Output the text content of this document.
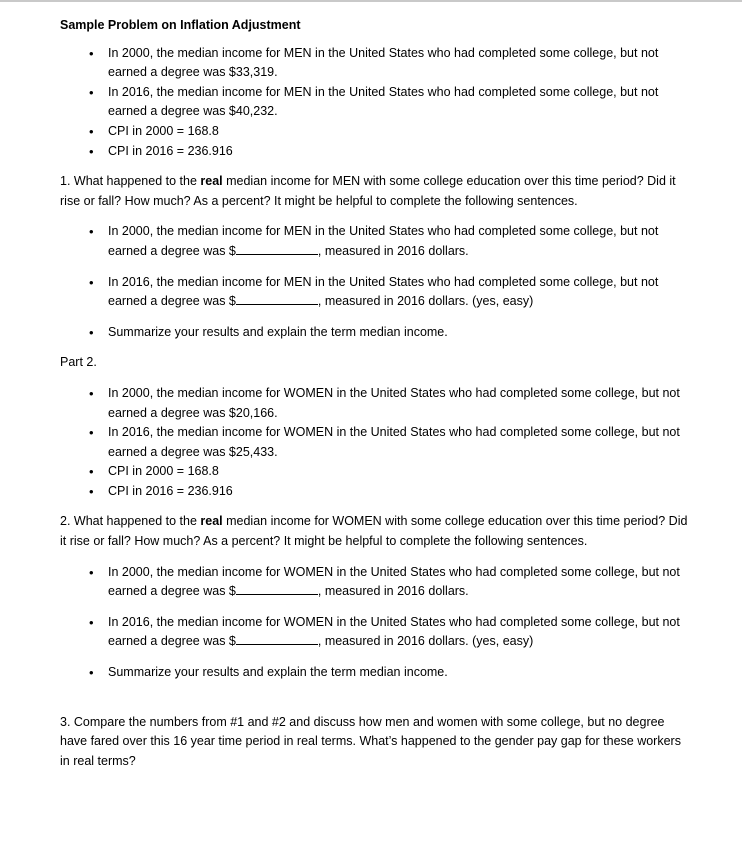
Sample Problem on Inflation Adjustment
• In 2000, the median income for MEN in the United States who had completed some college, but not earned a degree was $33,319.
• In 2016, the median income for MEN in the United States who had completed some college, but not earned a degree was $40,232.
• CPI in 2000 = 168.8
• CPI in 2016 = 236.916

1. What happened to the real median income for MEN with some college education over this time period? Did it rise or fall? How much? As a percent? It might be helpful to complete the following sentences.

• In 2000, the median income for MEN in the United States who had completed some college, but not earned a degree was $	, measured in 2016 dollars.
• In 2016, the median income for MEN in the United States who had completed some college, but not earned a degree was $	, measured in 2016 dollars. (yes, easy)
• Summarize your results and explain the term median income.

Part 2.

• In 2000, the median income for WOMEN in the United States who had completed some college, but not earned a degree was $20,166.
• In 2016, the median income for WOMEN in the United States who had completed some college, but not earned a degree was $25,433.
• CPI in 2000 = 168.8
• CPI in 2016 = 236.916

2. What happened to the real median income for WOMEN with some college education over this time period? Did it rise or fall? How much? As a percent? It might be helpful to complete the following sentences.

• In 2000, the median income for WOMEN in the United States who had completed some college, but not earned a degree was $	, measured in 2016 dollars.
• In 2016, the median income for WOMEN in the United States who had completed some college, but not earned a degree was $	, measured in 2016 dollars. (yes, easy)
• Summarize your results and explain the term median income.

3. Compare the numbers from #1 and #2 and discuss how men and women with some college, but no degree have fared over this 16 year time period in real terms. What’s happened to the gender pay gap for these workers in real terms?
